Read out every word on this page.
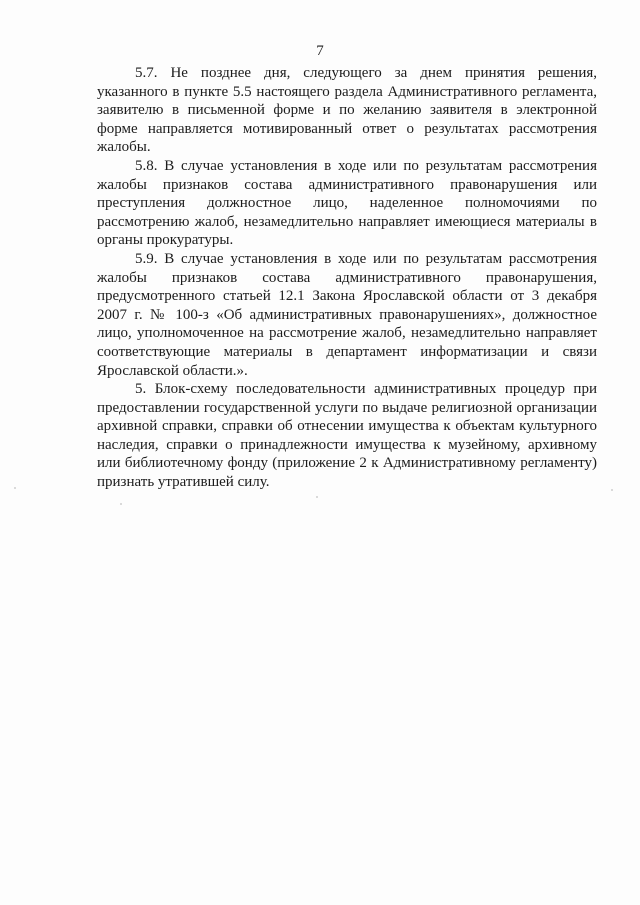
7

5.7. Не позднее дня, следующего за днем принятия решения, указанного в пункте 5.5 настоящего раздела Административного регламента, заявителю в письменной форме и по желанию заявителя в электронной форме направляется мотивированный ответ о результатах рассмотрения жалобы.

5.8. В случае установления в ходе или по результатам рассмотрения жалобы признаков состава административного правонарушения или преступления должностное лицо, наделенное полномочиями по рассмотрению жалоб, незамедлительно направляет имеющиеся материалы в органы прокуратуры.

5.9. В случае установления в ходе или по результатам рассмотрения жалобы признаков состава административного правонарушения, предусмотренного статьей 12.1 Закона Ярославской области от 3 декабря 2007 г. № 100-з «Об административных правонарушениях», должностное лицо, уполномоченное на рассмотрение жалоб, незамедлительно направляет соответствующие материалы в департамент информатизации и связи Ярославской области.».

5. Блок-схему последовательности административных процедур при предоставлении государственной услуги по выдаче религиозной организации архивной справки, справки об отнесении имущества к объектам культурного наследия, справки о принадлежности имущества к музейному, архивному или библиотечному фонду (приложение 2 к Административному регламенту) признать утратившей силу.
